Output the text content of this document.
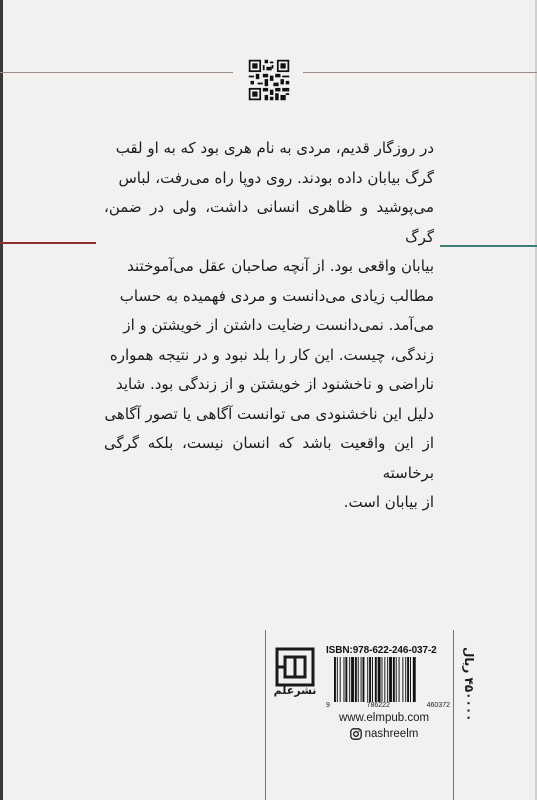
در روزگار قدیم، مردی به نام هری بود که به او لقب

گرگ بیابان داده بودند. روی دوپا راه می‌رفت، لباس

می‌پوشید و ظاهری انسانی داشت، ولی در ضمن، گرگ

بیابان واقعی بود. از آنچه صاحبان عقل می‌آموختند

مطالب زیادی می‌دانست و مردی فهمیده به حساب

می‌آمد. نمی‌دانست رضایت داشتن از خویشتن و از

زندگی، چیست. این کار را بلد نبود و در نتیجه همواره

ناراضی و ناخشنود از خویشتن و از زندگی بود. شاید

دلیل این ناخشنودی می توانست آگاهی یا تصور آگاهی

از این واقعیت باشد که انسان نیست، بلکه گرگی برخاسته

از بیابان است.

نشرعلم
ISBN:978-622-246-037-2
9	786222	460372
www.elmpub.com
nashreelm
۴۵۰۰۰۰ ریال
